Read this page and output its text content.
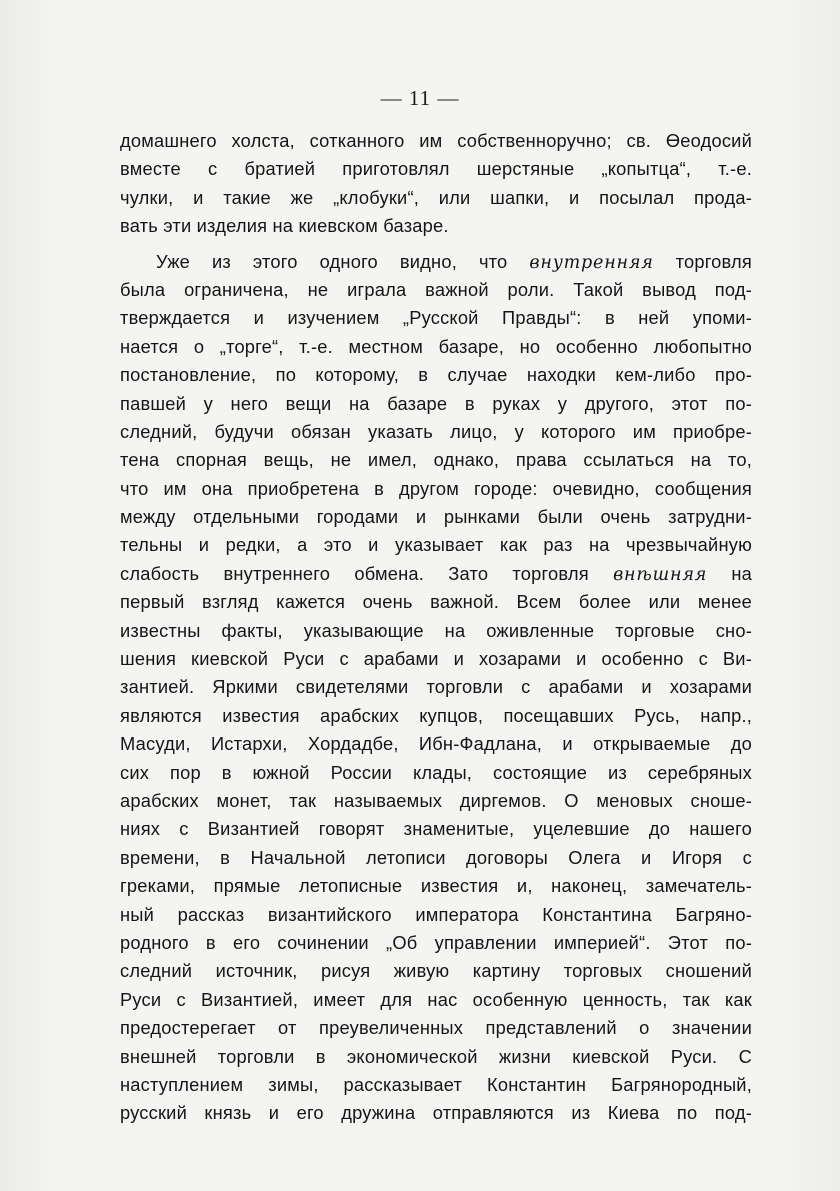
— 11 —
домашнего холста, сотканного им собственноручно; св. Өеодосий
вместе с братией приготовлял шерстяные „копытца“, т.-е.
чулки, и такие же „клобуки“, или шапки, и посылал прода-
вать эти изделия на киевском базаре.
Уже из этого одного видно, что внутренняя торговля
была ограничена, не играла важной роли. Такой вывод под-
тверждается и изучением „Русской Правды“: в ней упоми-
нается о „торге“, т.-е. местном базаре, но особенно любопытно
постановление, по которому, в случае находки кем-либо про-
павшей у него вещи на базаре в руках у другого, этот по-
следний, будучи обязан указать лицо, у которого им приобре-
тена спорная вещь, не имел, однако, права ссылаться на то,
что им она приобретена в другом городе: очевидно, сообщения
между отдельными городами и рынками были очень затрудни-
тельны и редки, а это и указывает как раз на чрезвычайную
слабость внутреннего обмена. Зато торговля внѣшняя на
первый взгляд кажется очень важной. Всем более или менее
известны факты, указывающие на оживленные торговые сно-
шения киевской Руси с арабами и хозарами и особенно с Ви-
зантией. Яркими свидетелями торговли с арабами и хозарами
являются известия арабских купцов, посещавших Русь, напр.,
Масуди, Истархи, Хордадбе, Ибн-Фадлана, и открываемые до
сих пор в южной России клады, состоящие из серебряных
арабских монет, так называемых диргемов. О меновых сноше-
ниях с Византией говорят знаменитые, уцелевшие до нашего
времени, в Начальной летописи договоры Олега и Игоря с
греками, прямые летописные известия и, наконец, замечатель-
ный рассказ византийского императора Константина Багряно-
родного в его сочинении „Об управлении империей“. Этот по-
следний источник, рисуя живую картину торговых сношений
Руси с Византией, имеет для нас особенную ценность, так как
предостерегает от преувеличенных представлений о значении
внешней торговли в экономической жизни киевской Руси. С
наступлением зимы, рассказывает Константин Багрянородный,
русский князь и его дружина отправляются из Киева по под-
